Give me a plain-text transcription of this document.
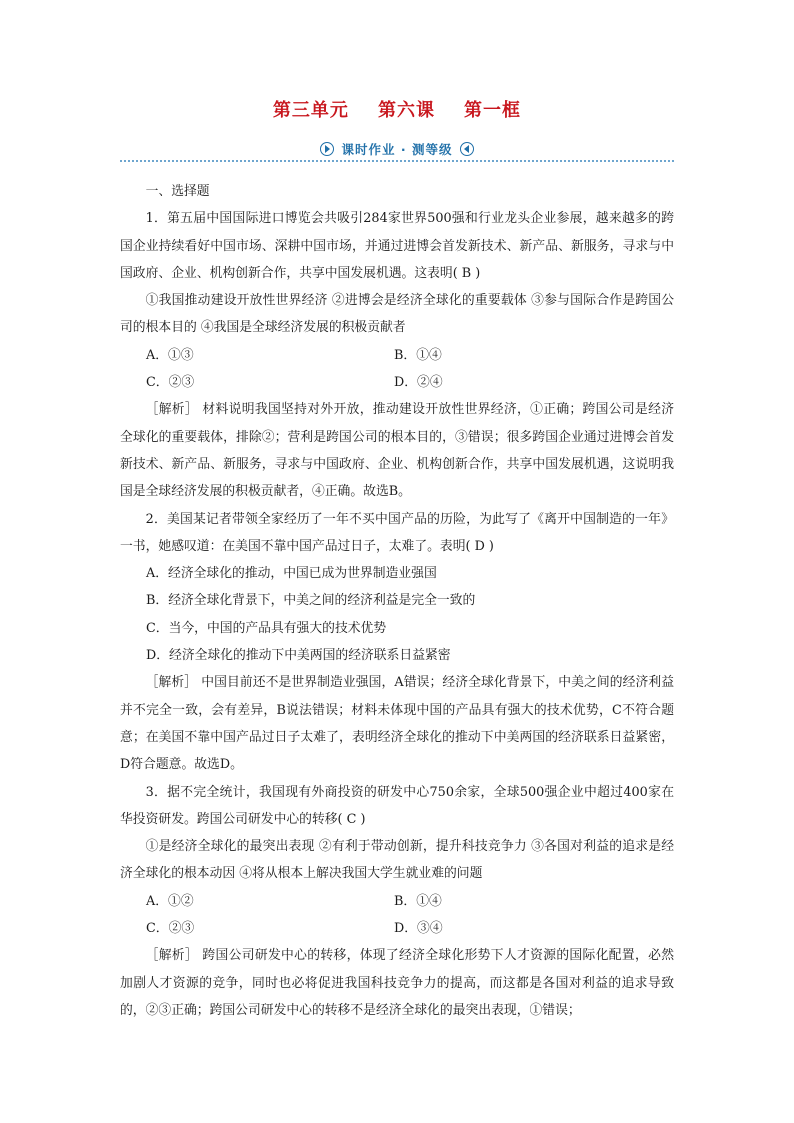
第三单元    第六课    第一框
课时作业 · 测等级

一、选择题

1．第五届中国国际进口博览会共吸引284家世界500强和行业龙头企业参展，越来越多的跨国企业持续看好中国市场、深耕中国市场，并通过进博会首发新技术、新产品、新服务，寻求与中国政府、企业、机构创新合作，共享中国发展机遇。这表明( B )

①我国推动建设开放性世界经济 ②进博会是经济全球化的重要载体 ③参与国际合作是跨国公司的根本目的 ④我国是全球经济发展的积极贡献者

A．①③	B．①④
C．②③	D．②④

［解析］ 材料说明我国坚持对外开放，推动建设开放性世界经济，①正确；跨国公司是经济全球化的重要载体，排除②；营利是跨国公司的根本目的，③错误；很多跨国企业通过进博会首发新技术、新产品、新服务，寻求与中国政府、企业、机构创新合作，共享中国发展机遇，这说明我国是全球经济发展的积极贡献者，④正确。故选B。

2．美国某记者带领全家经历了一年不买中国产品的历险，为此写了《离开中国制造的一年》一书，她感叹道：在美国不靠中国产品过日子，太难了。表明( D )

A．经济全球化的推动，中国已成为世界制造业强国
B．经济全球化背景下，中美之间的经济利益是完全一致的
C．当今，中国的产品具有强大的技术优势
D．经济全球化的推动下中美两国的经济联系日益紧密

［解析］ 中国目前还不是世界制造业强国，A错误；经济全球化背景下，中美之间的经济利益并不完全一致，会有差异，B说法错误；材料未体现中国的产品具有强大的技术优势，C不符合题意；在美国不靠中国产品过日子太难了，表明经济全球化的推动下中美两国的经济联系日益紧密，D符合题意。故选D。

3．据不完全统计，我国现有外商投资的研发中心750余家，全球500强企业中超过400家在华投资研发。跨国公司研发中心的转移( C )

①是经济全球化的最突出表现 ②有利于带动创新，提升科技竞争力 ③各国对利益的追求是经济全球化的根本动因 ④将从根本上解决我国大学生就业难的问题

A．①②	B．①④
C．②③	D．③④

［解析］ 跨国公司研发中心的转移，体现了经济全球化形势下人才资源的国际化配置，必然加剧人才资源的竞争，同时也必将促进我国科技竞争力的提高，而这都是各国对利益的追求导致的，②③正确；跨国公司研发中心的转移不是经济全球化的最突出表现，①错误；
